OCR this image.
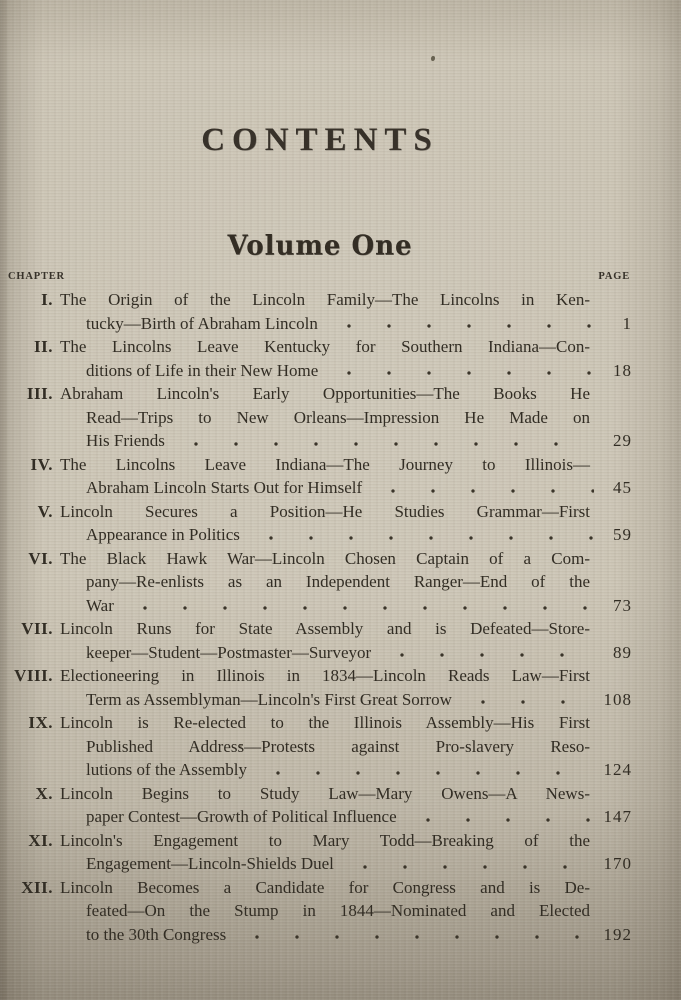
CONTENTS
Volume One
CHAPTER	PAGE
I. The Origin of the Lincoln Family—The Lincolns in Ken-
tucky—Birth of Abraham Lincoln	1
II. The Lincolns Leave Kentucky for Southern Indiana—Con-
ditions of Life in their New Home	18
III. Abraham Lincoln's Early Opportunities—The Books He
Read—Trips to New Orleans—Impression He Made on
His Friends	29
IV. The Lincolns Leave Indiana—The Journey to Illinois—
Abraham Lincoln Starts Out for Himself	45
V. Lincoln Secures a Position—He Studies Grammar—First
Appearance in Politics	59
VI. The Black Hawk War—Lincoln Chosen Captain of a Com-
pany—Re-enlists as an Independent Ranger—End of the
War	73
VII. Lincoln Runs for State Assembly and is Defeated—Store-
keeper—Student—Postmaster—Surveyor	89
VIII. Electioneering in Illinois in 1834—Lincoln Reads Law—First
Term as Assemblyman—Lincoln's First Great Sorrow	108
IX. Lincoln is Re-elected to the Illinois Assembly—His First
Published Address—Protests against Pro-slavery Reso-
lutions of the Assembly	124
X. Lincoln Begins to Study Law—Mary Owens—A News-
paper Contest—Growth of Political Influence	147
XI. Lincoln's Engagement to Mary Todd—Breaking of the
Engagement—Lincoln-Shields Duel	170
XII. Lincoln Becomes a Candidate for Congress and is De-
feated—On the Stump in 1844—Nominated and Elected
to the 30th Congress	192
